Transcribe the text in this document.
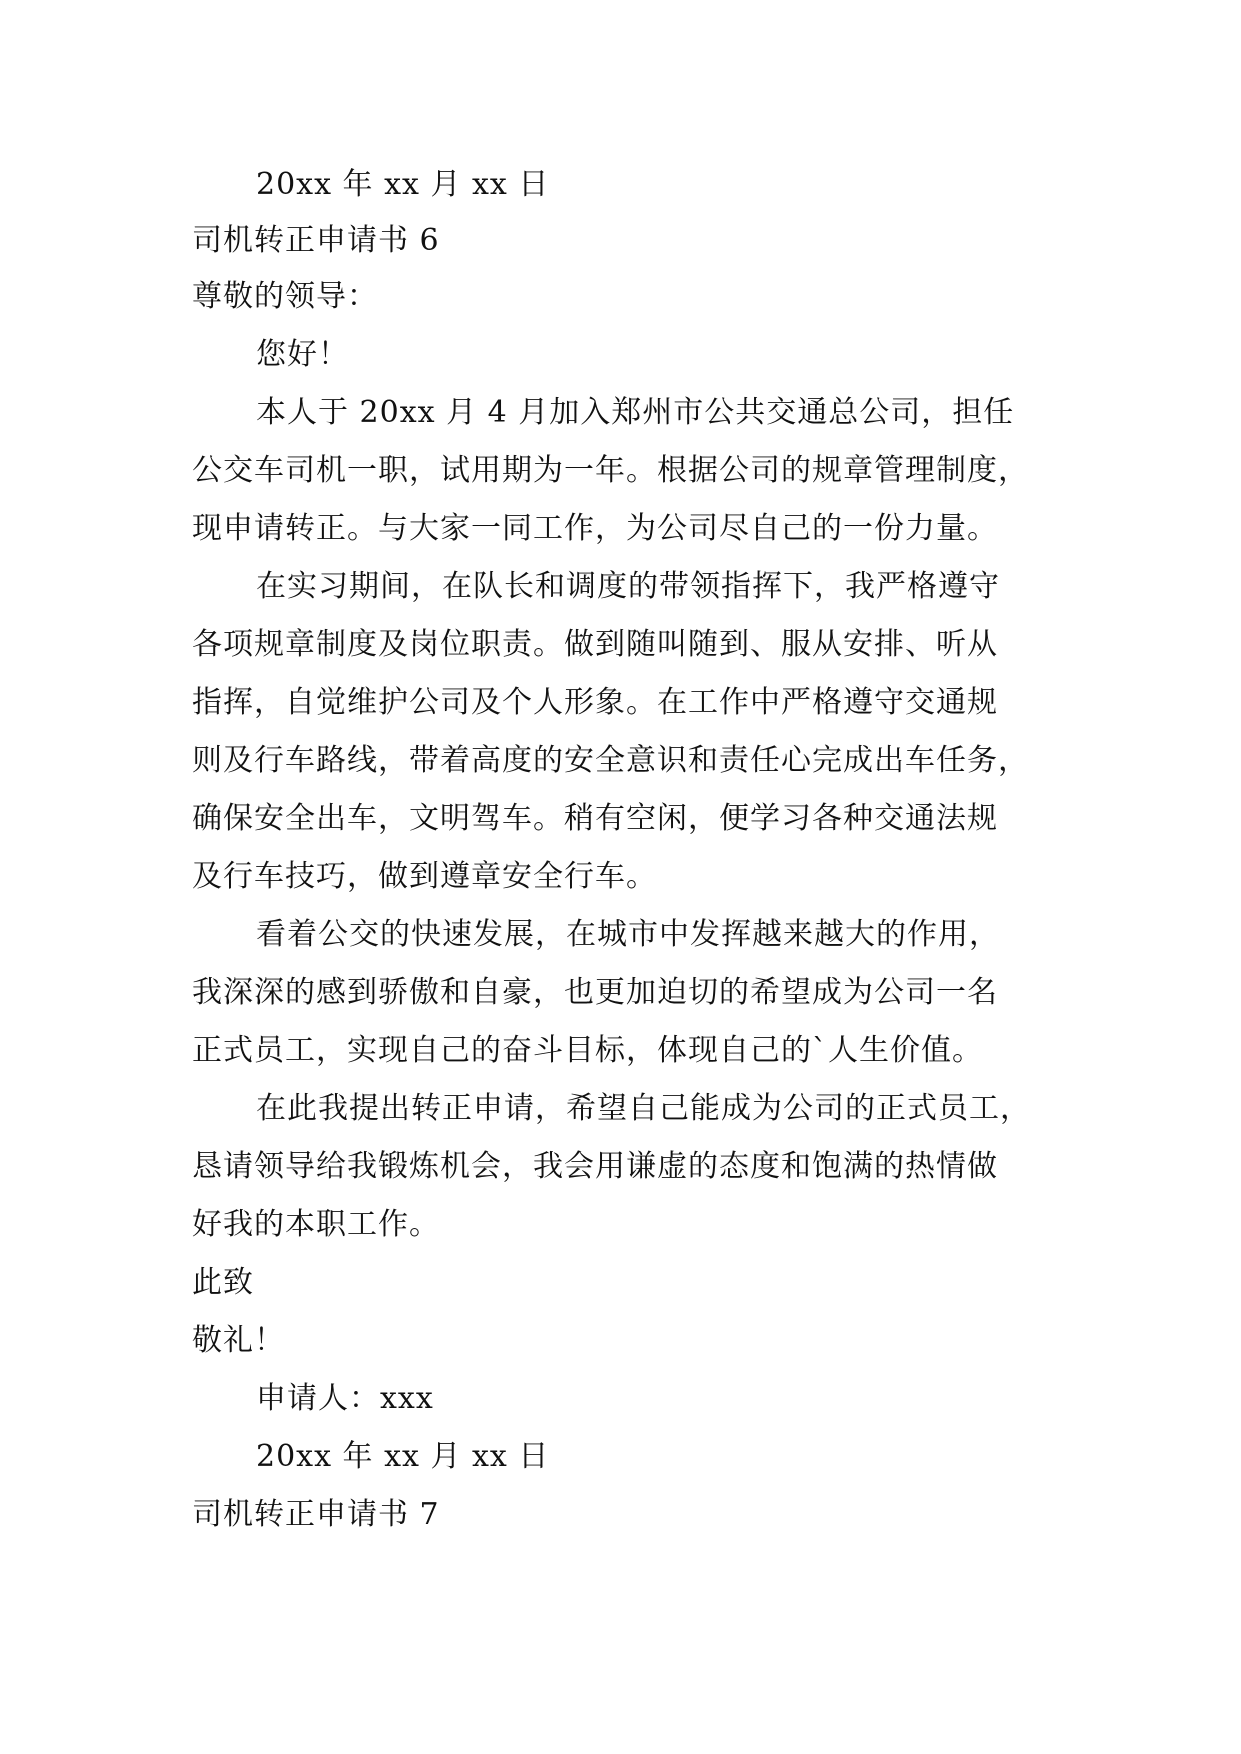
20xx 年 xx 月 xx 日
司机转正申请书 6
尊敬的领导：
您好！
本人于 20xx 月 4 月加入郑州市公共交通总公司，担任
公交车司机一职，试用期为一年。根据公司的规章管理制度，
现申请转正。与大家一同工作，为公司尽自己的一份力量。
在实习期间，在队长和调度的带领指挥下，我严格遵守
各项规章制度及岗位职责。做到随叫随到、服从安排、听从
指挥，自觉维护公司及个人形象。在工作中严格遵守交通规
则及行车路线，带着高度的安全意识和责任心完成出车任务，
确保安全出车，文明驾车。稍有空闲，便学习各种交通法规
及行车技巧，做到遵章安全行车。
看着公交的快速发展，在城市中发挥越来越大的作用，
我深深的感到骄傲和自豪，也更加迫切的希望成为公司一名
正式员工，实现自己的奋斗目标，体现自己的`人生价值。
在此我提出转正申请，希望自己能成为公司的正式员工，
恳请领导给我锻炼机会，我会用谦虚的态度和饱满的热情做
好我的本职工作。
此致
敬礼！
申请人：xxx
20xx 年 xx 月 xx 日
司机转正申请书 7
